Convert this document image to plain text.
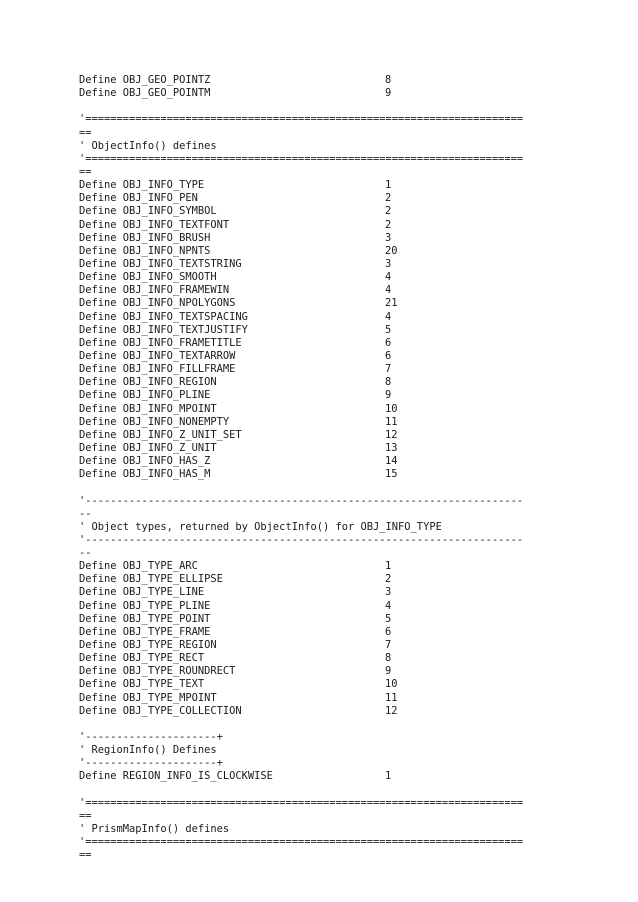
Define OBJ_GEO_POINTZ	8
Define OBJ_GEO_POINTM	9
'======================================================================
==
' ObjectInfo() defines
'======================================================================
==
Define OBJ_INFO_TYPE	1
Define OBJ_INFO_PEN	2
Define OBJ_INFO_SYMBOL	2
Define OBJ_INFO_TEXTFONT	2
Define OBJ_INFO_BRUSH	3
Define OBJ_INFO_NPNTS	20
Define OBJ_INFO_TEXTSTRING	3
Define OBJ_INFO_SMOOTH	4
Define OBJ_INFO_FRAMEWIN	4
Define OBJ_INFO_NPOLYGONS	21
Define OBJ_INFO_TEXTSPACING	4
Define OBJ_INFO_TEXTJUSTIFY	5
Define OBJ_INFO_FRAMETITLE	6
Define OBJ_INFO_TEXTARROW	6
Define OBJ_INFO_FILLFRAME	7
Define OBJ_INFO_REGION	8
Define OBJ_INFO_PLINE	9
Define OBJ_INFO_MPOINT	10
Define OBJ_INFO_NONEMPTY	11
Define OBJ_INFO_Z_UNIT_SET	12
Define OBJ_INFO_Z_UNIT	13
Define OBJ_INFO_HAS_Z	14
Define OBJ_INFO_HAS_M	15
'----------------------------------------------------------------------
--
' Object types, returned by ObjectInfo() for OBJ_INFO_TYPE
'----------------------------------------------------------------------
--
Define OBJ_TYPE_ARC	1
Define OBJ_TYPE_ELLIPSE	2
Define OBJ_TYPE_LINE	3
Define OBJ_TYPE_PLINE	4
Define OBJ_TYPE_POINT	5
Define OBJ_TYPE_FRAME	6
Define OBJ_TYPE_REGION	7
Define OBJ_TYPE_RECT	8
Define OBJ_TYPE_ROUNDRECT	9
Define OBJ_TYPE_TEXT	10
Define OBJ_TYPE_MPOINT	11
Define OBJ_TYPE_COLLECTION	12
'---------------------+
' RegionInfo() Defines
'---------------------+
Define REGION_INFO_IS_CLOCKWISE	1
'======================================================================
==
' PrismMapInfo() defines
'======================================================================
==
